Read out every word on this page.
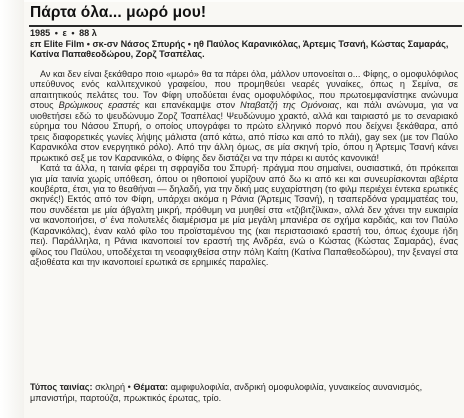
Πάρτα όλα... μωρό μου!
1985 • ε • 88 λ
επ Elite Film • σκ-σν Νάσος Σπυρής • ηθ Παύλος Καρανικόλας, Άρτεμις Τσανή, Κώστας Σαμαράς, Κατίνα Παπαθεοδώρου, Ζορζ Τσαπέλας.

Αν και δεν είναι ξεκάθαρο ποιο «μωρό» θα τα πάρει όλα, μάλλον υπονοείται ο... Φίφης, ο ομοφυλόφιλος υπεύθυνος ενός καλλιτεχνικού γραφείου, που προμηθεύει νεαρές γυναίκες, όπως η Σεμίνα, σε απαιτητικούς πελάτες του. Τον Φίφη υποδύεται ένας ομοφυλόφιλος, που πρωτοεμφανίστηκε ανώνυμα στους Βρώμικους εραστές και επανέκαμψε στον Νταβατζή της Ομόνοιας, και πάλι ανώνυμα, για να υιοθετήσει εδώ το ψευδώνυμο Ζορζ Τσαπέλας! Ψευδώνυμο χρακτό, αλλά και ταιριαστό με το σεναριακό εύρημα του Νάσου Σπυρή, ο οποίος υπογράφει το πρώτο ελληνικό πορνό που δείχνει ξεκάθαρα, από τρεις διαφορετικές γωνίες λήψης μάλιστα (από κάτω, από πίσω και από το πλάι), gay sex (με τον Παύλο Καρανικόλα στον ενεργητικό ρόλο). Από την άλλη όμως, σε μία σκηνή τρίο, όπου η Άρτεμις Τσανή κάνει πρωκτικό σεξ με τον Καρανικόλα, ο Φίφης δεν διστάζει να την πάρει κι αυτός κανονικά!

Κατά τα άλλα, η ταινία φέρει τη σφραγίδα του Σπυρή· πράγμα που σημαίνει, ουσιαστικά, ότι πρόκειται για μία ταινία χωρίς υπόθεση, όπου οι ηθοποιοί γυρίζουν από δω κι από κει και συνευρίσκονται αβέρτα κουβέρτα, έτσι, για το θεαθήναι — δηλαδή, για την δική μας ευχαρίστηση (το φιλμ περιέχει έντεκα ερωτικές σκηνές!) Εκτός από τον Φίφη, υπάρχει ακόμα η Ράνια (Άρτεμις Τσανή), η τσαπερδόνα γραμματέας του, που συνδέεται με μία άβγαλτη μικρή, πρόθυμη να μυηθεί στα «τζιβιτζίλικα», αλλά δεν χάνει την ευκαιρία να ικανοποιήσει, σ' ένα πολυτελές διαμέρισμα με μία μεγάλη μπανιέρα σε σχήμα καρδιάς, και τον Παύλο (Καρανικόλας), έναν καλό φίλο του προϊσταμένου της (και περιστασιακό εραστή του, όπως έχουμε ήδη πει). Παράλληλα, η Ράνια ικανοποιεί τον εραστή της Ανδρέα, ενώ ο Κώστας (Κώστας Σαμαράς), ένας φίλος του Παύλου, υποδέχεται τη νεοαφιχθείσα στην πόλη Καίτη (Κατίνα Παπαθεοδώρου), την ξεναγεί στα αξιοθέατα και την ικανοποιεί ερωτικά σε ερημικές παραλίες.

Τύπος ταινίας: σκληρή • Θέματα: αμφιφυλοφιλία, ανδρική ομοφυλοφιλία, γυναικείος αυνανισμός, μπανιστήρι, παρτούζα, πρωκτικός έρωτας, τρίο.
